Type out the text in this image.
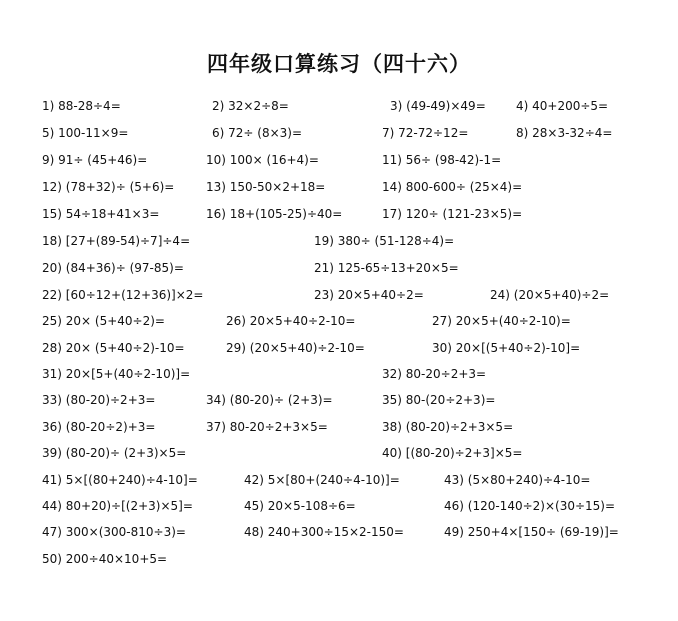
四年级口算练习（四十六）
1) 88-28÷4=	2) 32×2÷8=	3) (49-49)×49=	4) 40+200÷5=
5) 100-11×9=	6) 72÷ (8×3)=	7) 72-72÷12=	8) 28×3-32÷4=
9) 91÷ (45+46)=	10) 100× (16+4)=	11) 56÷ (98-42)-1=
12) (78+32)÷ (5+6)=	13) 150-50×2+18=	14) 800-600÷ (25×4)=
15) 54÷18+41×3=	16) 18+(105-25)÷40=	17) 120÷ (121-23×5)=
18) [27+(89-54)÷7]÷4=	19) 380÷ (51-128÷4)=
20) (84+36)÷ (97-85)=	21) 125-65÷13+20×5=
22) [60÷12+(12+36)]×2=	23) 20×5+40÷2=	24) (20×5+40)÷2=
25) 20× (5+40÷2)=	26) 20×5+40÷2-10=	27) 20×5+(40÷2-10)=
28) 20× (5+40÷2)-10=	29) (20×5+40)÷2-10=	30) 20×[(5+40÷2)-10]=
31) 20×[5+(40÷2-10)]=	32) 80-20÷2+3=
33) (80-20)÷2+3=	34) (80-20)÷ (2+3)=	35) 80-(20÷2+3)=
36) (80-20÷2)+3=	37) 80-20÷2+3×5=	38) (80-20)÷2+3×5=
39) (80-20)÷ (2+3)×5=	40) [(80-20)÷2+3]×5=
41) 5×[(80+240)÷4-10]=	42) 5×[80+(240÷4-10)]=	43) (5×80+240)÷4-10=
44) 80+20)÷[(2+3)×5]=	45) 20×5-108÷6=	46) (120-140÷2)×(30÷15)=
47) 300×(300-810÷3)=	48) 240+300÷15×2-150=	49) 250+4×[150÷ (69-19)]=
50) 200÷40×10+5=
